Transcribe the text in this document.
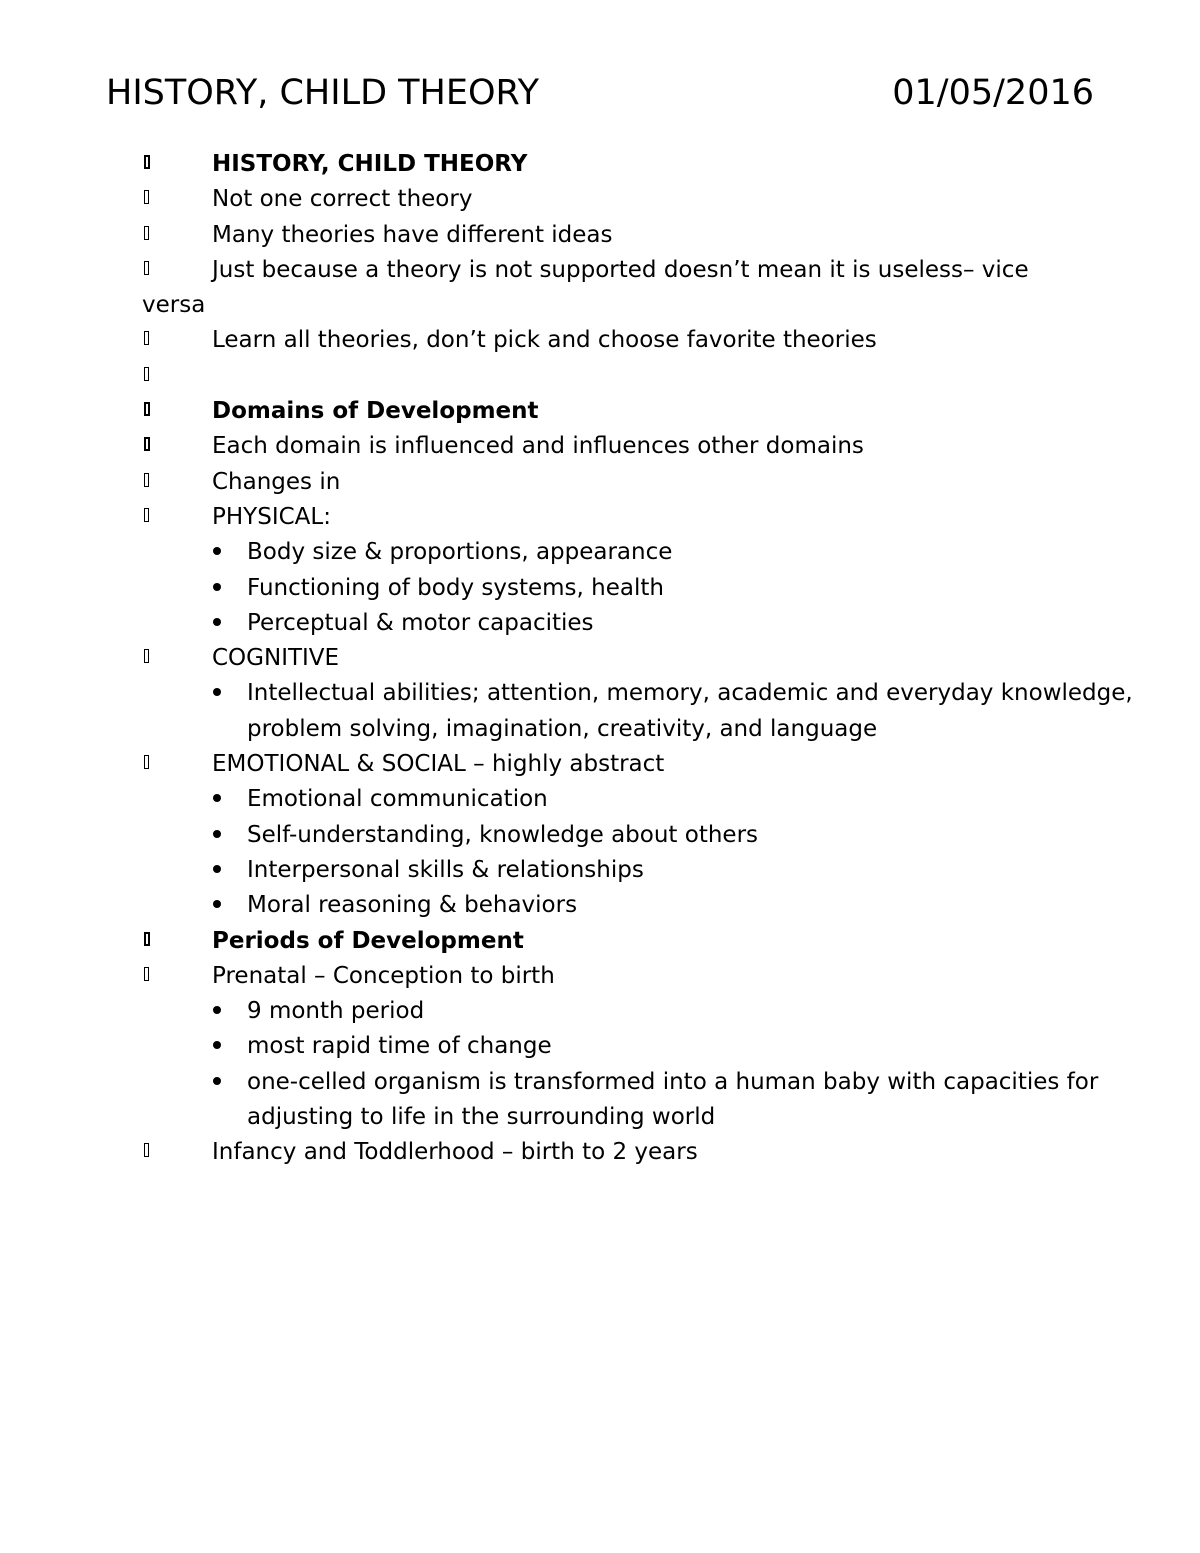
HISTORY, CHILD THEORY	01/05/2016
HISTORY, CHILD THEORY
Not one correct theory
Many theories have different ideas
Just because a theory is not supported doesn’t mean it is useless– vice
versa
Learn all theories, don’t pick and choose favorite theories
Domains of Development
Each domain is influenced and influences other domains
Changes in
PHYSICAL:
Body size & proportions, appearance
Functioning of body systems, health
Perceptual & motor capacities
COGNITIVE
Intellectual abilities; attention, memory, academic and everyday knowledge, problem solving, imagination, creativity, and language
EMOTIONAL & SOCIAL – highly abstract
Emotional communication
Self-understanding, knowledge about others
Interpersonal skills & relationships
Moral reasoning & behaviors
Periods of Development
Prenatal – Conception to birth
9 month period
most rapid time of change
one-celled organism is transformed into a human baby with capacities for adjusting to life in the surrounding world
Infancy and Toddlerhood – birth to 2 years
